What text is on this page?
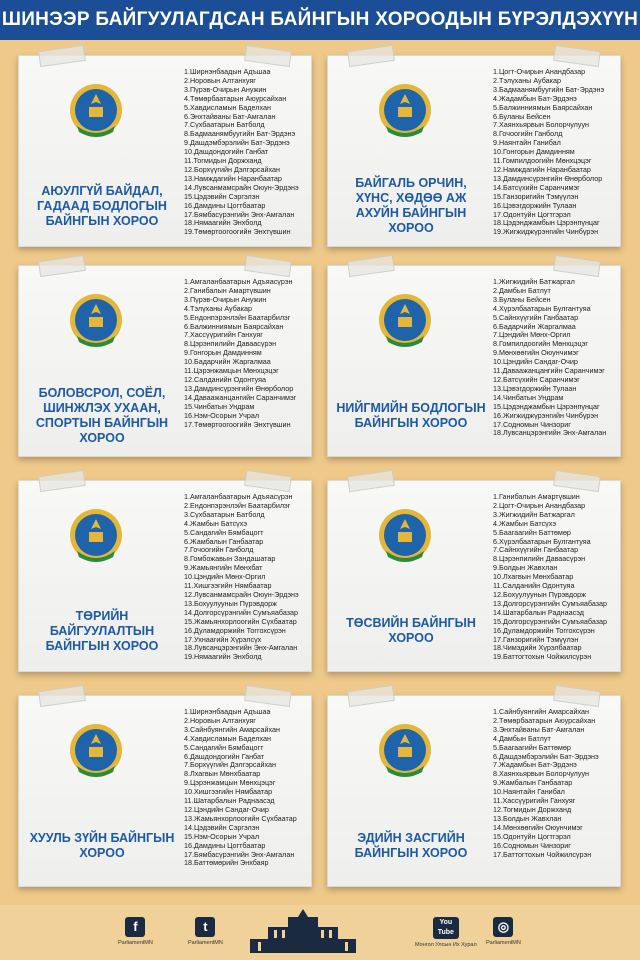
ШИНЭЭР БАЙГУУЛАГДСАН БАЙНГЫН ХОРООДЫН БҮРЭЛДЭХҮҮН
АЮУЛГҮЙ БАЙДАЛ, ГАДААД БОДЛОГЫН БАЙНГЫН ХОРОО
1.Ширнэнбаадын Адъшаа
2.Норовын Алтанхуяг
3.Пүрэв-Очирын Анужин
4.Төмөрбаатарын Аюурсайхан
5.Хавдисламын Баделхан
6.Энхтайваны Бат-Амгалан
7.Сүхбаатарын Батболд
8.Бадмаанямбуугийн Бат-Эрдэнэ
9.Дашдэмбэрэлийн Бат-Эрдэнэ
10.Дашдондогийн Ганбат
11.Тогмидын Доржханд
12.Борхүүгийн Дэлгэрсайхан
13.Намждагийн Наранбаатар
14.Лувсанмамсрайн Оюун-Эрдэнэ
15.Цэдэвийн Сэргэлэн
16.Дамдины Цогтбаатар
17.Бямбасүрэнгийн Энх-Амгалан
18.Нямаагийн Энхболд
19.Төмөртоогоогийн Энхтүвшин
БАЙГАЛЬ ОРЧИН, ХҮНС, ХӨДӨӨ АЖ АХУЙН БАЙНГЫН ХОРОО
1.Цогт-Очирын Анандбазар
2.Тэлүханы Аубакар
3.Бадмаанямбуугийн Бат-Эрдэнэ
4.Жадамбын Бат-Эрдэнэ
5.Балжинниямын Баярсайхан
6.Буланы Бейсен
7.Хаянхьярвын Болорчулуун
8.Гочоогийн Ганболд
9.Наянтайн Ганибал
10.Гонгорын Дамдинням
11.Гомпилдоогийн Мөнхцэцэг
12.Намждагийн Наранбаатар
13.Дамдинсүрэнгийн Өнөрболор
14.Батсүхийн Саранчимэг
15.Ганзоригийн Тэмүүлэн
16.Цэвэгдоржийн Тулаан
17.Одонтуйн Цогтгэрэл
18.Цэдэнджамбын Цэрэнпүнцаг
19.Жигжиджүрэнгийн Чинбүрэн
БОЛОВСРОЛ, СОЁЛ, ШИНЖЛЭХ УХААН, СПОРТЫН БАЙНГЫН ХОРОО
1.Амгаланбаатарын Адъяасүрэн
2.Ганибалын Амартүвшин
3.Пүрэв-Очирын Анужин
4.Тэлүханы Аубакар
5.Ендонпэрэнлэйн Баатарбилэг
6.Балжинниямын Баярсайхан
7.Хассүүригийн Ганхуяг
8.Цэрэнпилийн Даваасүрэн
9.Гонгорын Дамдинням
10.Бадарчийн Жаргалмаа
11.Цэрэнжамцын Мөнхцэцэг
12.Салданийн Одонтуяа
13.Дамдинсүрэнгийн Өнөрболор
14.Даваажанцангийн Саранчимэг
15.Чинбатын Ундрам
16.Нэм-Осорын Учрал
17.Төмөртоогоогийн Энхтүвшин
НИЙГМИЙН БОДЛОГЫН БАЙНГЫН ХОРОО
1.Жигжидийн Батжаргал
2.Дамбын Батлут
3.Буланы Бейсен
4.Хүрэлбаатарын Булгантуяа
5.Сайнхүүгийн Ганбаатар
6.Бадарчийн Жаргалмаа
7.Цэндийн Мөнх-Оргил
8.Гомпилдоогийн Мөнхцэцэг
9.Мөнхөөгийн Оюунчимэг
10.Цэндийн Сандаг-Очир
11.Даваажанцангийн Саранчимэг
12.Батсүхийн Саранчимэг
13.Цэвэгдоржийн Тулаан
14.Чинбатын Ундрам
15.Цэдэнджамбын Цэрэнпүнцаг
16.Жигжиджүрэнгийн Чинбүрэн
17.Содномын Чинзориг
18.Лувсанцэрэнгийн Энх-Амгалан
ТӨРИЙН БАЙГУУЛАЛТЫН БАЙНГЫН ХОРОО
1.Амгаланбаатарын Адъяасүрэн
2.Ендонпэрэнлэйн Баатарбилэг
3.Сүхбаатарын Батболд
4.Жамбын Батсүхэ
5.Сандагийн Бямбацогт
6.Жамбалын Ганбаатар
7.Гочоогийн Ганболд
8.Гомбожавын Зандашатар
9.Жамьянгийн Мөнхбат
10.Цэндийн Мөнх-Оргил
11.Хишгээгийн Нямбаатар
12.Лувсанмамсрайн Оюун-Эрдэнэ
13.Бохуулуунын Пүрэвдорж
14.Долгорсүрэнгийн Сумъяабазар
15.Жамьянхорлоогийн Сүхбаатар
16.Дуламдоржийн Тоггохсүрэн
17.Ухнаагийн Хүрэлсүх
18.Лувсанцэрэнгийн Энх-Амгалан
19.Нямаагийн Энхболд
ТӨСВИЙН БАЙНГЫН ХОРОО
1.Ганибалын Амартүвшин
2.Цогт-Очирын Анандбазар
3.Жигжидийн Батжаргал
4.Жамбын Батсүхэ
5.Баагаагийн Баттөмөр
6.Хүрэлбаатарын Булгантуяа
7.Сайнхүүгийн Ганбаатар
8.Цэрэнпилийн Даваасүрэн
9.Болдын Жавхлан
10.Лхагвын Мөнхбаатар
11.Салданийн Одонтуяа
12.Бохуулуунын Пүрэвдорж
13.Долгорсүрэнгийн Сумъяабазар
14.Шатарбалын Раднаасэд
15.Долгорсүрэнгийн Сумъяабазар
16.Дуламдоржийн Тоггохсүрэн
17.Ганзоригийн Тэмүүлэн
18.Чимэдийн Хүрэлбаатар
19.Баттогтохын Чойжилсүрэн
ХУУЛЬ ЗҮЙН БАЙНГЫН ХОРОО
1.Ширнэнбаадын Адъшаа
2.Норовын Алтанхуяг
3.Сайнбуянгийн Амарсайхан
4.Хавдисламын Баделхан
5.Сандагийн Бямбацогт
6.Дашдондогийн Ганбат
7.Борхүүгийн Дэлгэрсайхан
8.Лхагвын Мөнхбаатар
9.Цэрэнжамцын Мөнхцэцэг
10.Хишгээгийн Нямбаатар
11.Шатарбалын Раднаасэд
12.Цэндийн Сандаг-Очир
13.Жамьянхорлоогийн Сүхбаатар
14.Цэдэвийн Сэргэлэн
15.Нэм-Осорын Учрал
16.Дамдины Цогтбаатар
17.Бямбасүрэнгийн Энх-Амгалан
18.Баттөмөрийн Энхбаяр
ЭДИЙН ЗАСГИЙН БАЙНГЫН ХОРОО
1.Сайнбуянгийн Амарсайхан
2.Төмөрбаатарын Аюурсайхан
3.Энхтайваны Бат-Амгалан
4.Дамбын Батлут
5.Баагаагийн Баттөмөр
6.Дашдэмбэрэлийн Бат-Эрдэнэ
7.Жадамбын Бат-Эрдэнэ
8.Хаянхьярвын Болорчулуун
9.Жамбалын Ганбаатар
10.Наянтайн Ганибал
11.Хассүүригийн Ганхуяг
12.Тогмидын Доржханд
13.Болдын Жавхлан
14.Мөнхөөгийн Оюунчимэг
15.Одонтуйн Цогтгэрэл
16.Содномын Чинзориг
17.Баттогтохын Чойжилсүрэн
f
ParliamentMN
t
ParliamentMN
You Tube
Монгол Улсын Их Хурал
◎
ParliamentMN
